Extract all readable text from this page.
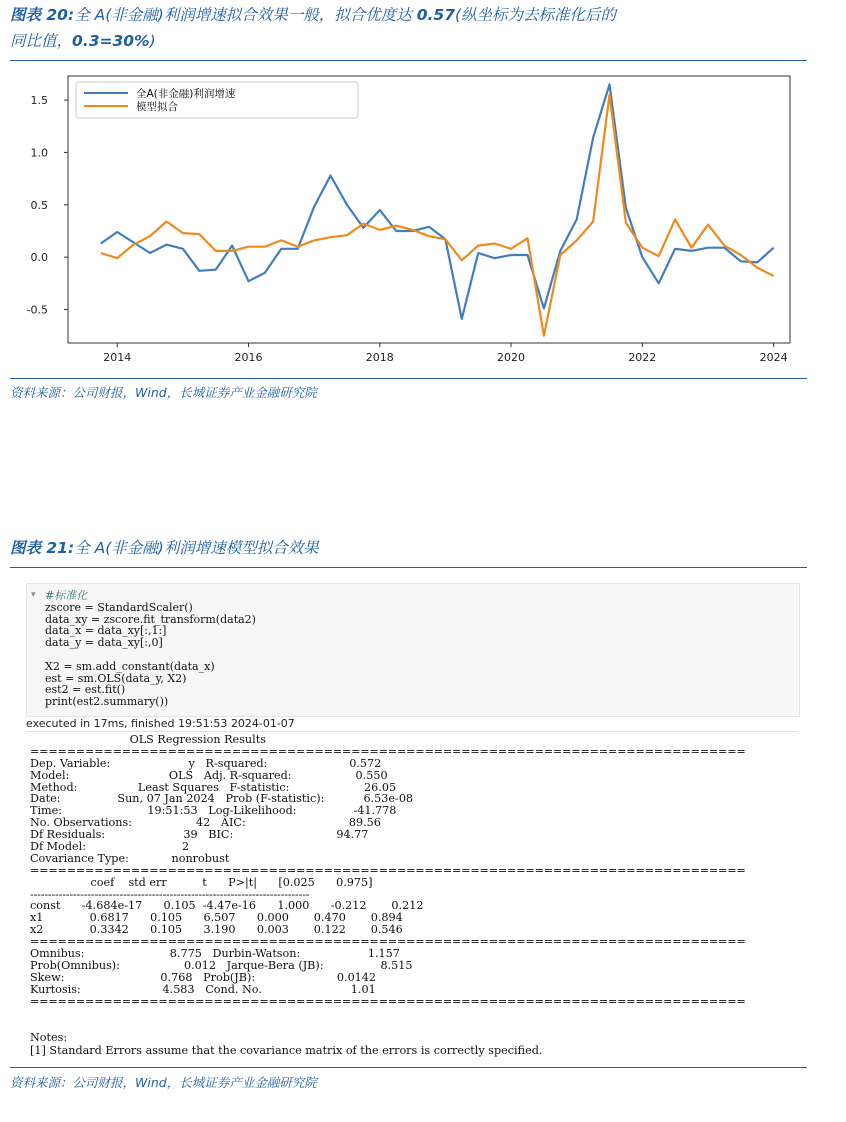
图表 20:全 A(非金融)利润增速拟合效果一般，拟合优度达 0.57(纵坐标为去标准化后的
同比值，0.3=30%)
1.5
1.0
0.5
0.0
-0.5
2014	2016	2018	2020	2022	2024
全A(非金融)利润增速
模型拟合
资料来源：公司财报，Wind，长城证券产业金融研究院
图表 21:全 A(非金融)利润增速模型拟合效果
▾ #标准化
zscore = StandardScaler()
data_xy = zscore.fit_transform(data2)
data_x = data_xy[:,1:]
data_y = data_xy[:,0]
X2 = sm.add_constant(data_x)
est = sm.OLS(data_y, X2)
est2 = est.fit()
print(est2.summary())
executed in 17ms, finished 19:51:53 2024-01-07
OLS Regression Results
==============================================================================
Dep. Variable:                      y   R-squared:                       0.572
Model:                            OLS   Adj. R-squared:                  0.550
Method:                 Least Squares   F-statistic:                     26.05
Date:                Sun, 07 Jan 2024   Prob (F-statistic):           6.53e-08
Time:                        19:51:53   Log-Likelihood:                -41.778
No. Observations:                  42   AIC:                             89.56
Df Residuals:                      39   BIC:                             94.77
Df Model:                           2
Covariance Type:            nonrobust
==============================================================================
coef    std err          t      P>|t|      [0.025      0.975]
------------------------------------------------------------------------------
const      -4.684e-17      0.105  -4.47e-16      1.000      -0.212       0.212
x1             0.6817      0.105      6.507      0.000       0.470       0.894
x2             0.3342      0.105      3.190      0.003       0.122       0.546
==============================================================================
Omnibus:                        8.775   Durbin-Watson:                   1.157
Prob(Omnibus):                  0.012   Jarque-Bera (JB):                8.515
Skew:                           0.768   Prob(JB):                       0.0142
Kurtosis:                       4.583   Cond. No.                         1.01
==============================================================================
Notes:
[1] Standard Errors assume that the covariance matrix of the errors is correctly specified.
资料来源：公司财报，Wind，长城证券产业金融研究院
